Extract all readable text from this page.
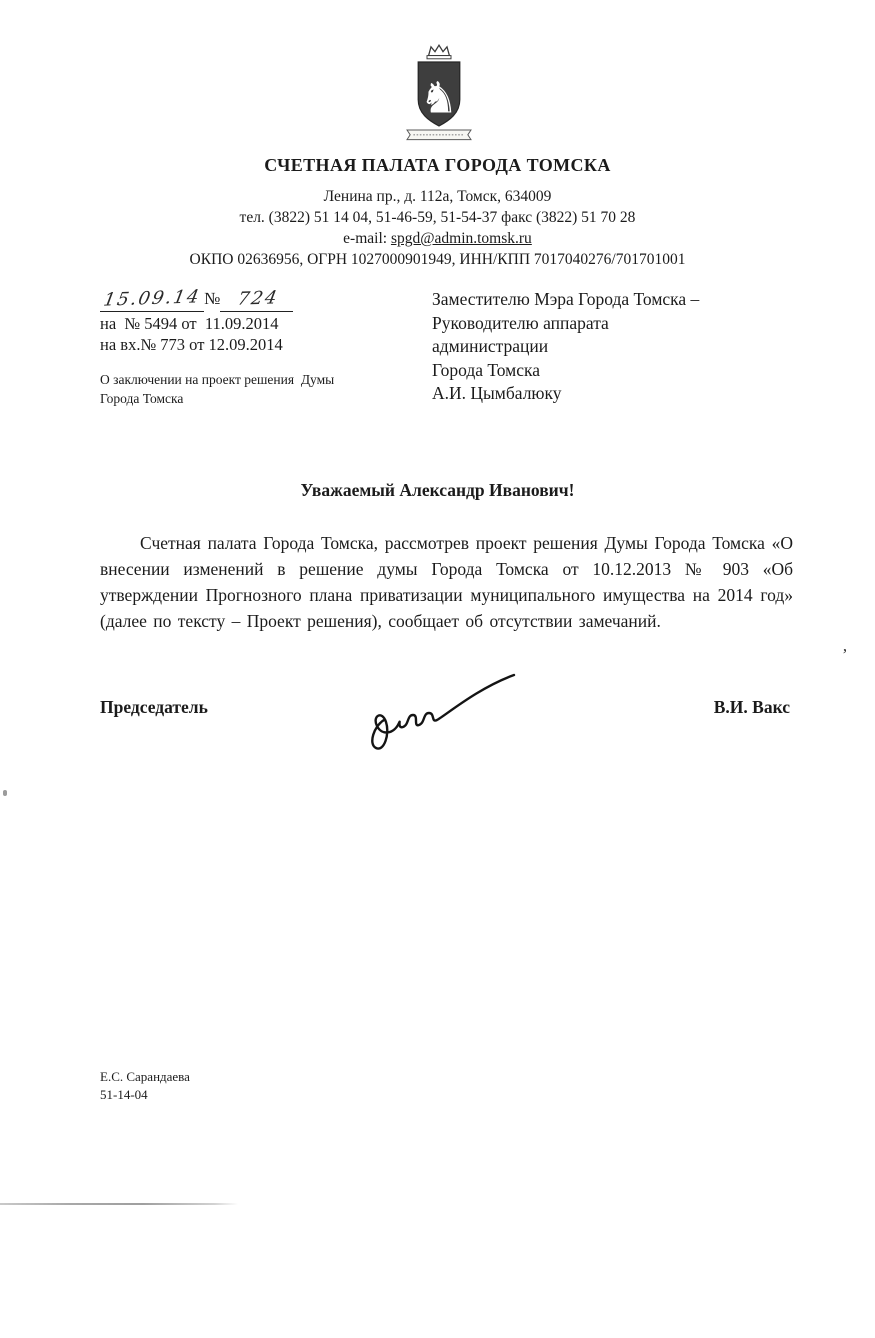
♞
СЧЕТНАЯ ПАЛАТА ГОРОДА ТОМСКА
Ленина пр., д. 112а, Томск, 634009
тел. (3822) 51 14 04, 51-46-59, 51-54-37 факс (3822) 51 70 28
e-mail: spgd@admin.tomsk.ru
ОКПО 02636956, ОГРН 1027000901949, ИНН/КПП 7017040276/701701001
15.09.14 № 724
на  № 5494 от  11.09.2014
на вх.№ 773 от 12.09.2014
О заключении на проект решения  Думы
Города Томска
Заместителю Мэра Города Томска –
Руководителю аппарата
администрации
Города Томска
А.И. Цымбалюку
Уважаемый Александр Иванович!
Счетная палата Города Томска, рассмотрев проект решения Думы Города Томска «О внесении изменений в решение думы Города Томска от 10.12.2013 № 903 «Об утверждении Прогнозного плана приватизации муниципального имущества на 2014 год» (далее по тексту – Проект решения), сообщает об отсутствии замечаний.
Председатель	В.И. Вакс
Е.С. Сарандаева
51-14-04
’
